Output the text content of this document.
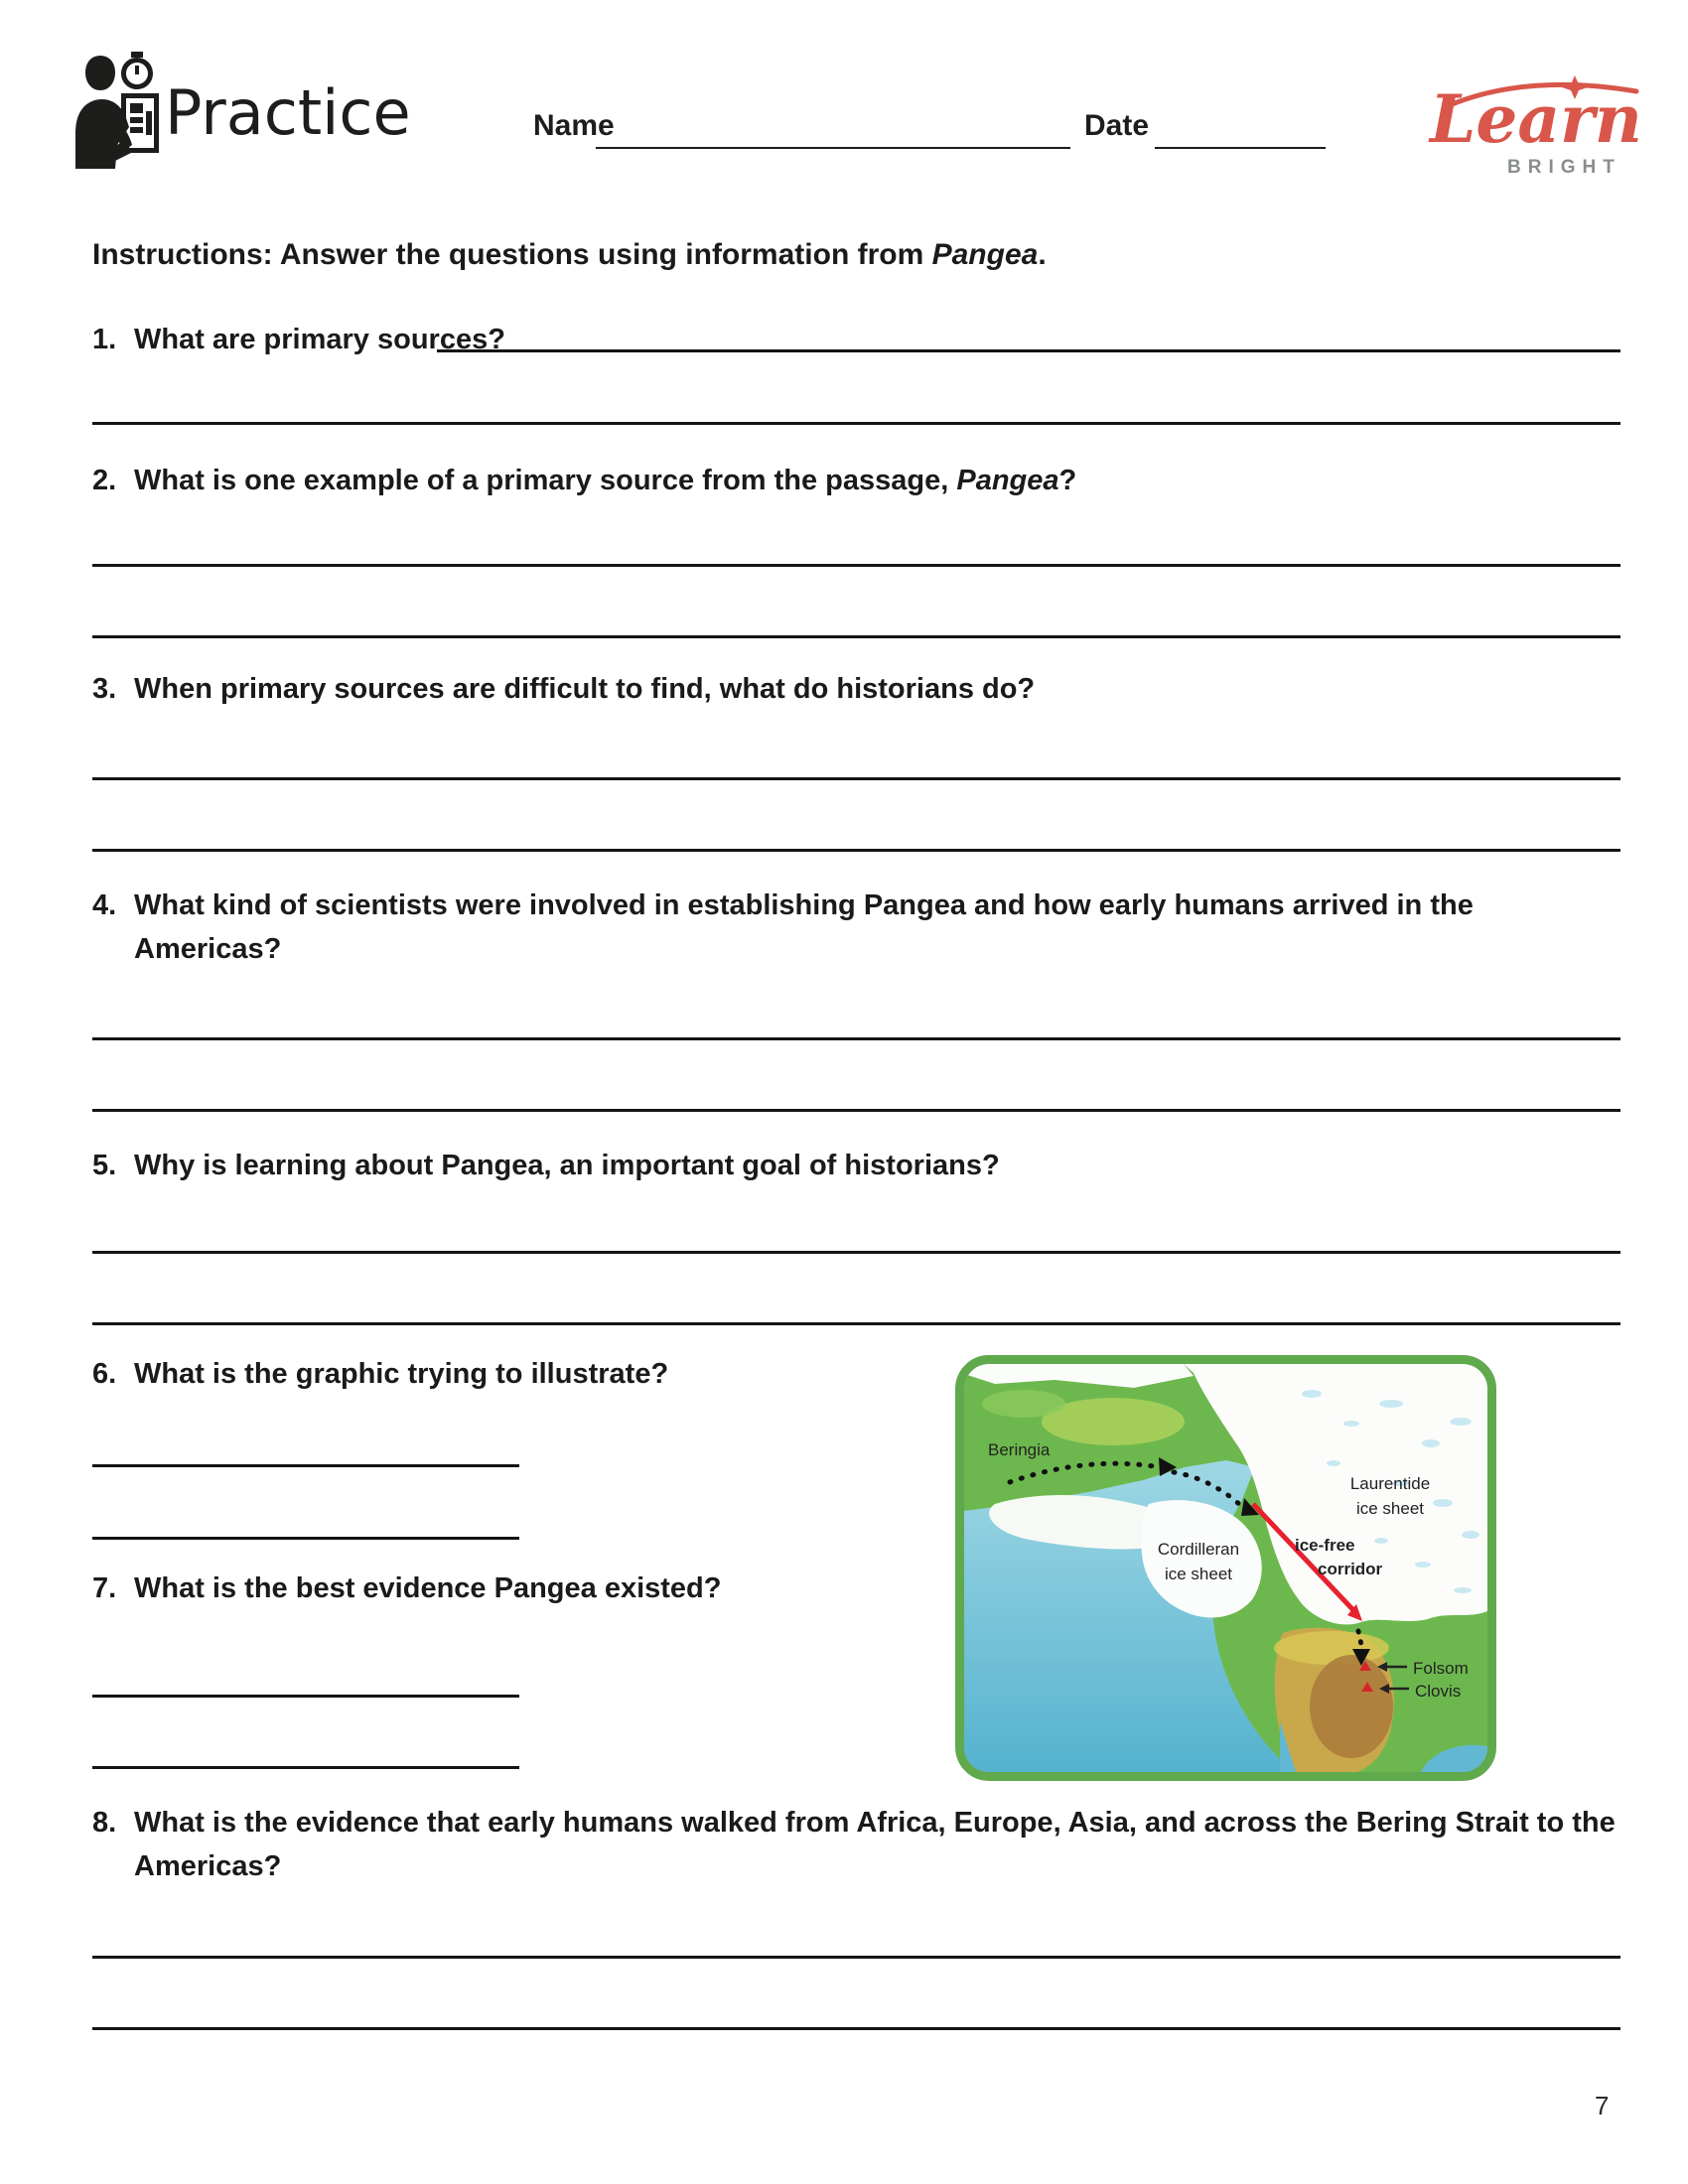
Practice	Name	Date	Learn
BRIGHT
Instructions: Answer the questions using information from Pangea.
1. What are primary sources?
2. What is one example of a primary source from the passage, Pangea?
3. When primary sources are difficult to find, what do historians do?
4. What kind of scientists were involved in establishing Pangea and how early humans arrived in the Americas?
5. Why is learning about Pangea, an important goal of historians?
6. What is the graphic trying to illustrate?
7. What is the best evidence Pangea existed?
8. What is the evidence that early humans walked from Africa, Europe, Asia, and across the Bering Strait to the Americas?
Beringia
Laurentide
ice sheet
Cordilleran
ice sheet
ice-free
corridor
Folsom
Clovis
7
